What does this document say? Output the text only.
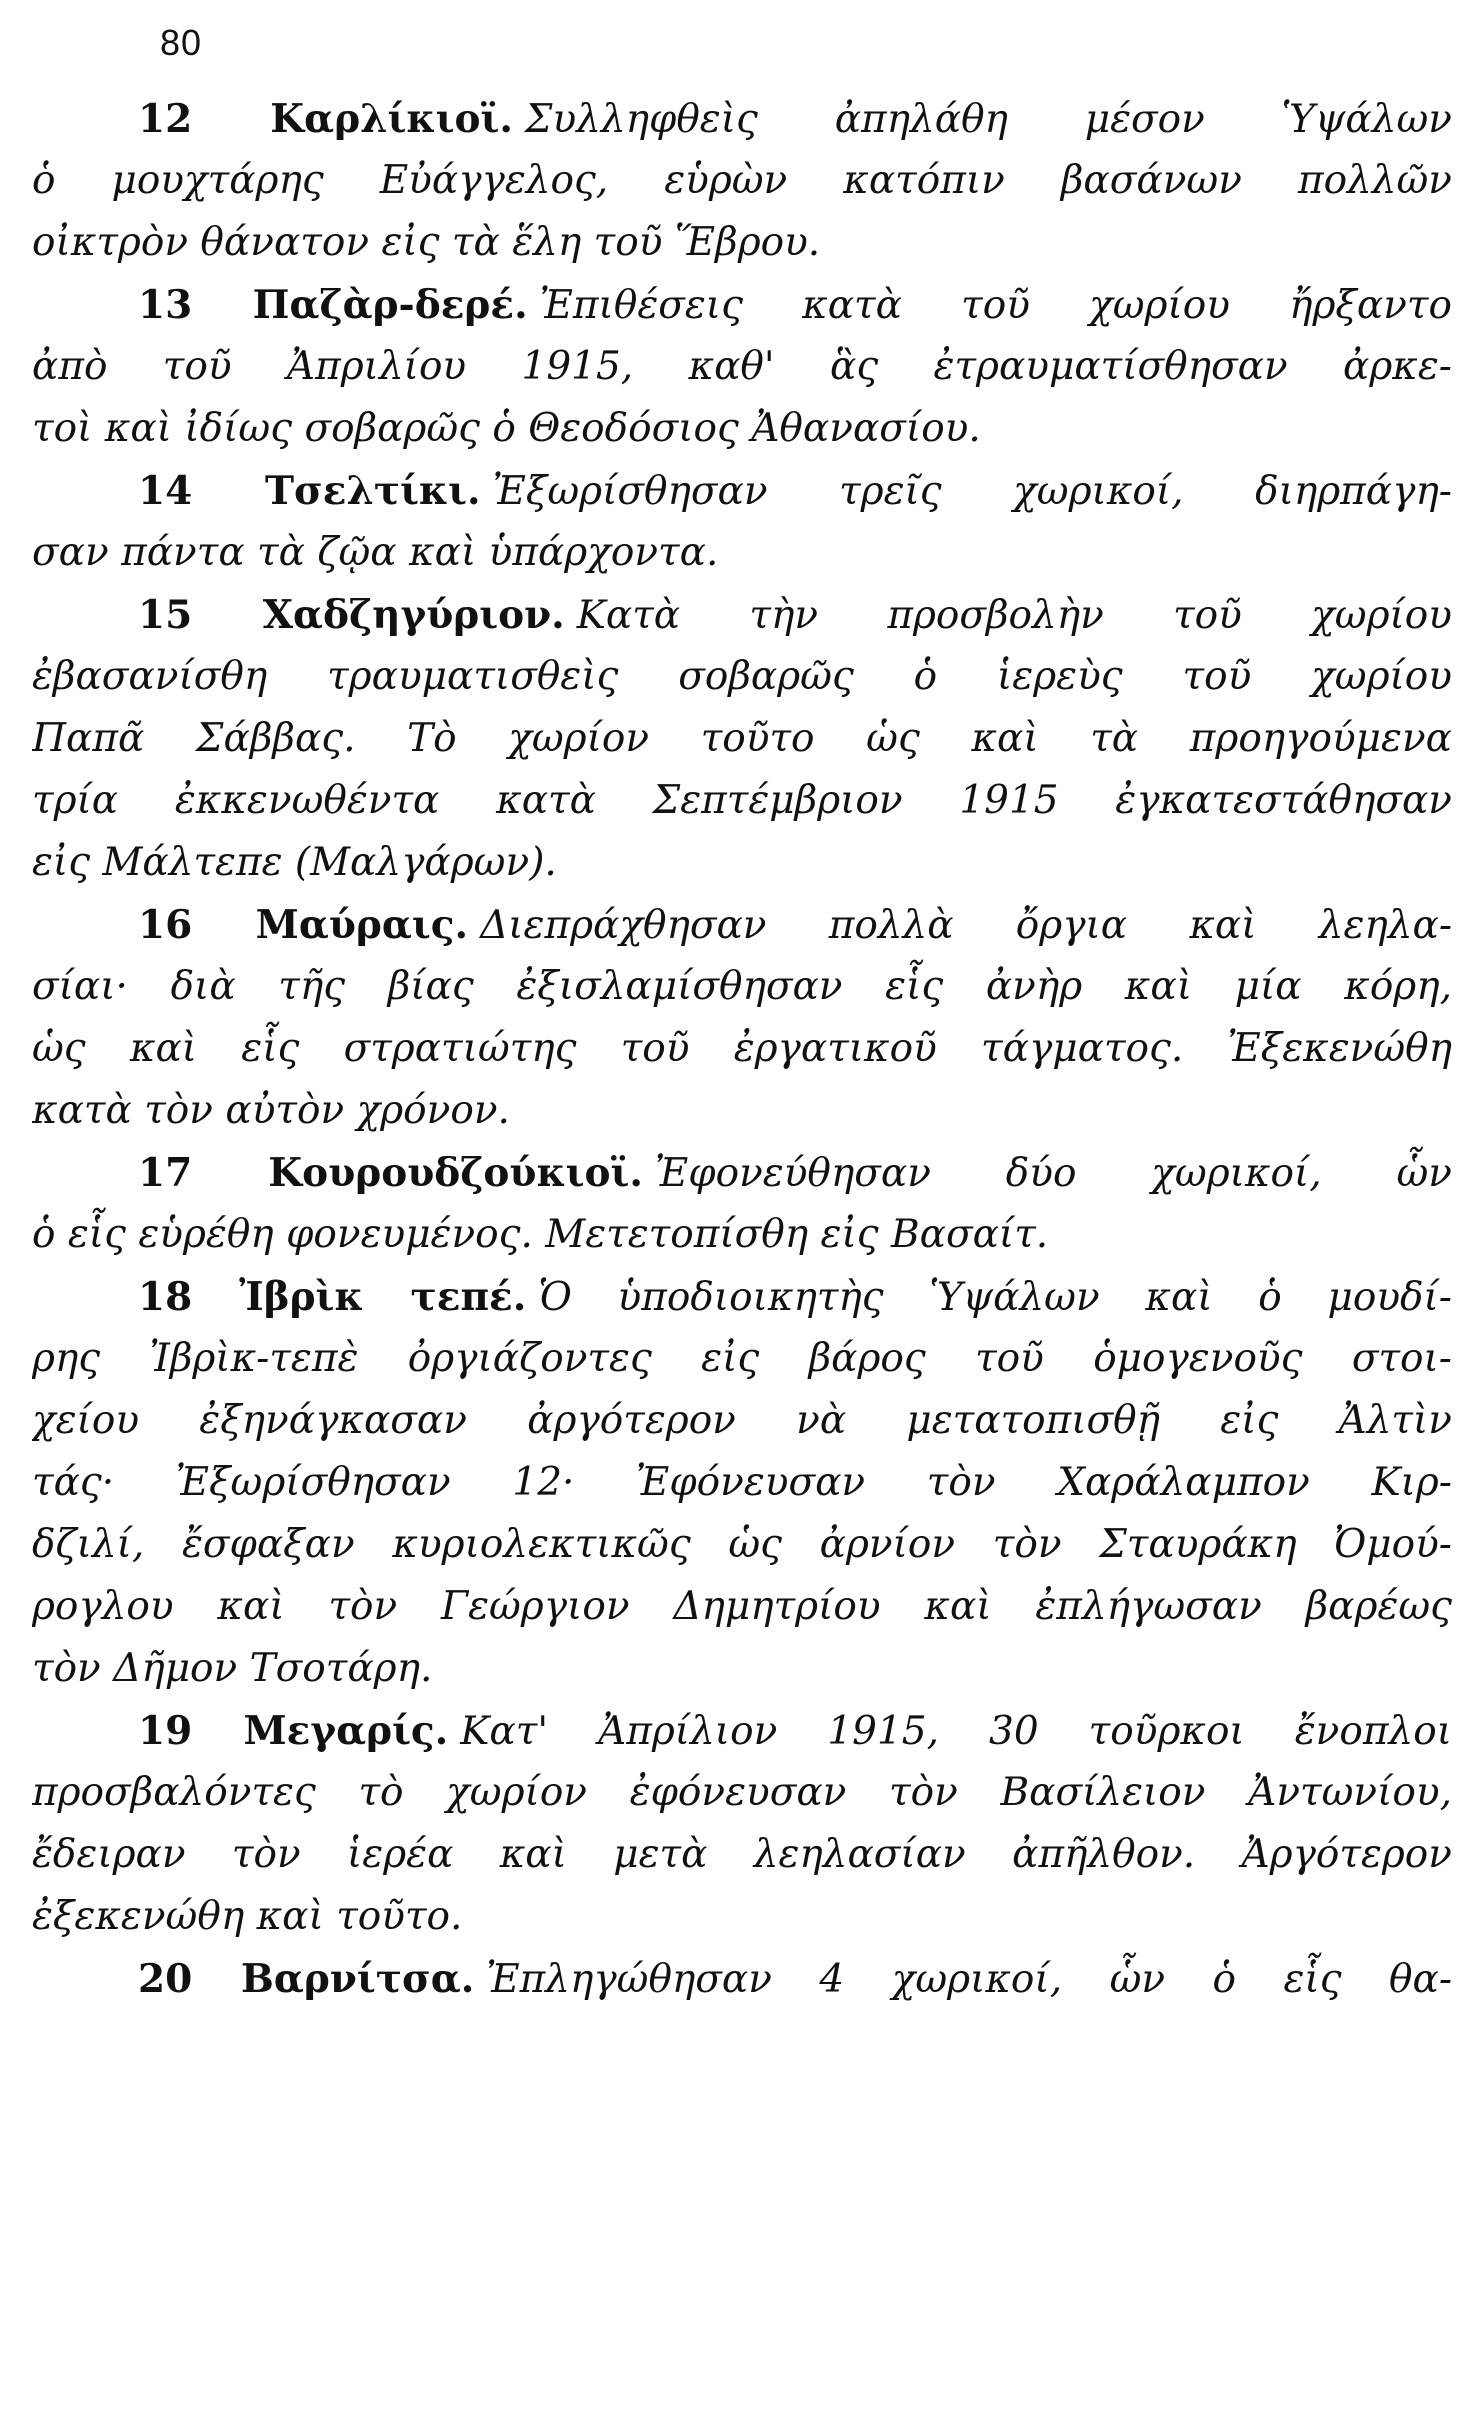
80
12 Καρλίκιοϊ. Συλληφθεὶς ἀπηλάθη μέσον Ὑψάλων
ὁ μουχτάρης Εὐάγγελος, εὑρὼν κατόπιν βασάνων πολλῶν
οἰκτρὸν θάνατον εἰς τὰ ἕλη τοῦ Ἕβρου.
13 Παζὰρ-δερέ. Ἐπιθέσεις κατὰ τοῦ χωρίου ἤρξαντο
ἀπὸ τοῦ Ἀπριλίου 1915, καθ' ἃς ἐτραυματίσθησαν ἀρκε-
τοὶ καὶ ἰδίως σοβαρῶς ὁ Θεοδόσιος Ἀθανασίου.
14 Τσελτίκι. Ἐξωρίσθησαν τρεῖς χωρικοί, διηρπάγη-
σαν πάντα τὰ ζῷα καὶ ὑπάρχοντα.
15 Χαδζηγύριον. Κατὰ τὴν προσβολὴν τοῦ χωρίου
ἐβασανίσθη τραυματισθεὶς σοβαρῶς ὁ ἱερεὺς τοῦ χωρίου
Παπᾶ Σάββας. Τὸ χωρίον τοῦτο ὡς καὶ τὰ προηγούμενα
τρία ἐκκενωθέντα κατὰ Σεπτέμβριον 1915 ἐγκατεστάθησαν
εἰς Μάλτεπε (Μαλγάρων).
16 Μαύραις. Διεπράχθησαν πολλὰ ὄργια καὶ λεηλα-
σίαι· διὰ τῆς βίας ἐξισλαμίσθησαν εἷς ἀνὴρ καὶ μία κόρη,
ὡς καὶ εἷς στρατιώτης τοῦ ἐργατικοῦ τάγματος. Ἐξεκενώθη
κατὰ τὸν αὐτὸν χρόνον.
17 Κουρουδζούκιοϊ. Ἐφονεύθησαν δύο χωρικοί, ὧν
ὁ εἷς εὑρέθη φονευμένος. Μετετοπίσθη εἰς Βασαίτ.
18 Ἰβρὶκ τεπέ. Ὁ ὑποδιοικητὴς Ὑψάλων καὶ ὁ μουδί-
ρης Ἰβρὶκ-τεπὲ ὀργιάζοντες εἰς βάρος τοῦ ὁμογενοῦς στοι-
χείου ἐξηνάγκασαν ἀργότερον νὰ μετατοπισθῇ εἰς Ἀλτὶν
τάς· Ἐξωρίσθησαν 12· Ἐφόνευσαν τὸν Χαράλαμπον Κιρ-
δζιλί, ἔσφαξαν κυριολεκτικῶς ὡς ἀρνίον τὸν Σταυράκη Ὀμού-
ρογλου καὶ τὸν Γεώργιον Δημητρίου καὶ ἐπλήγωσαν βαρέως
τὸν Δῆμον Τσοτάρη.
19 Μεγαρίς. Κατ' Ἀπρίλιον 1915, 30 τοῦρκοι ἔνοπλοι
προσβαλόντες τὸ χωρίον ἐφόνευσαν τὸν Βασίλειον Ἀντωνίου,
ἔδειραν τὸν ἱερέα καὶ μετὰ λεηλασίαν ἀπῆλθον. Ἀργότερον
ἐξεκενώθη καὶ τοῦτο.
20 Βαρνίτσα. Ἐπληγώθησαν 4 χωρικοί, ὧν ὁ εἷς θα-
